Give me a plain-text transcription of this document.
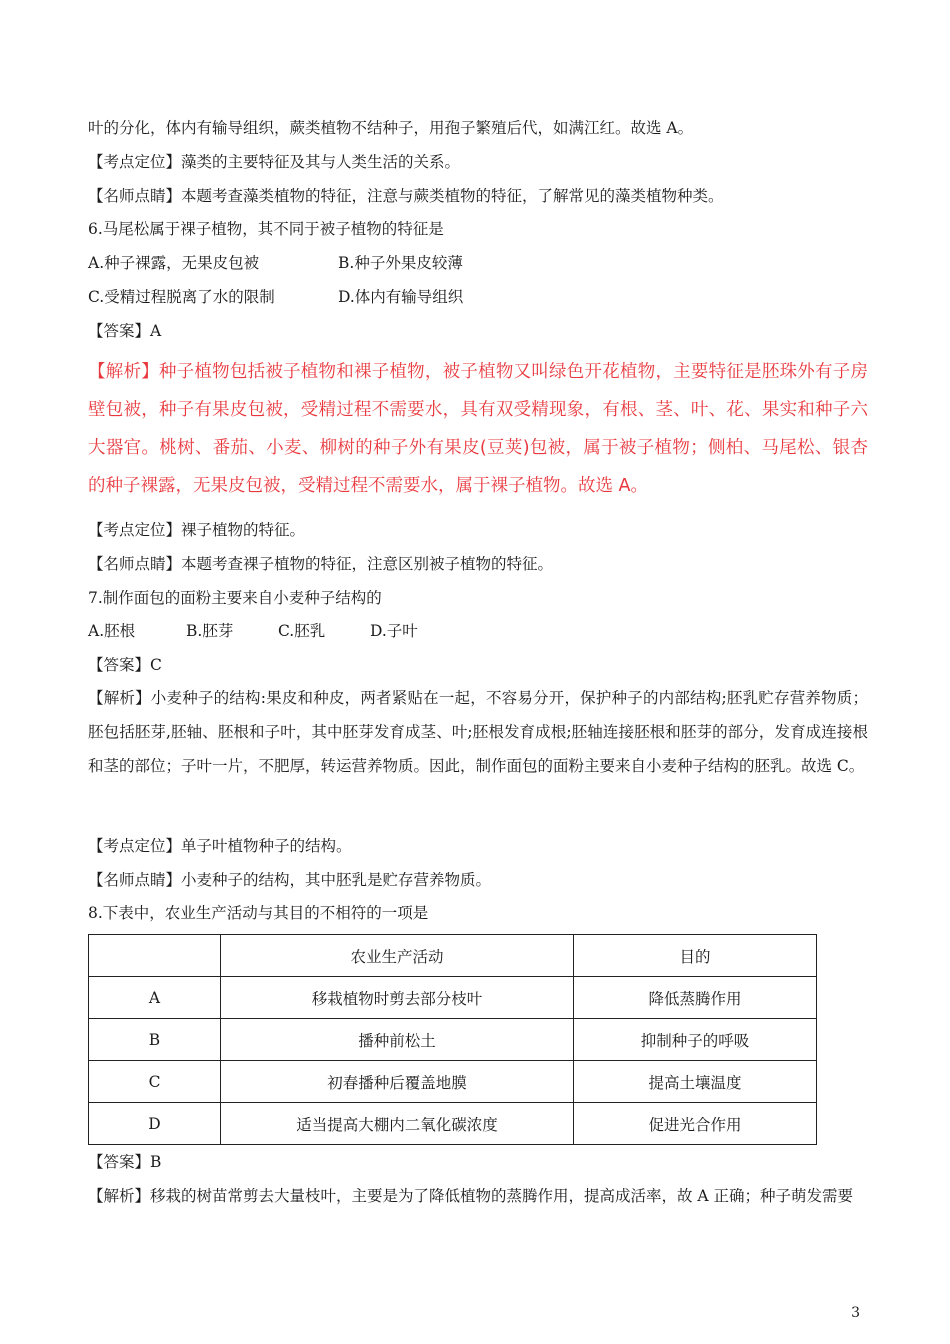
叶的分化，体内有输导组织，蕨类植物不结种子，用孢子繁殖后代，如满江红。故选 A。
【考点定位】藻类的主要特征及其与人类生活的关系。
【名师点睛】本题考查藻类植物的特征，注意与蕨类植物的特征，了解常见的藻类植物种类。
6.马尾松属于裸子植物，其不同于被子植物的特征是
A.种子裸露，无果皮包被	B.种子外果皮较薄
C.受精过程脱离了水的限制	D.体内有输导组织
【答案】A
【解析】种子植物包括被子植物和裸子植物，被子植物又叫绿色开花植物，主要特征是胚珠外有子房壁包被，种子有果皮包被，受精过程不需要水，具有双受精现象，有根、茎、叶、花、果实和种子六大器官。桃树、番茄、小麦、柳树的种子外有果皮(豆荚)包被，属于被子植物；侧柏、马尾松、银杏的种子裸露，无果皮包被，受精过程不需要水，属于裸子植物。故选 A。
【考点定位】裸子植物的特征。
【名师点睛】本题考查裸子植物的特征，注意区别被子植物的特征。
7.制作面包的面粉主要来自小麦种子结构的
A.胚根	B.胚芽	C.胚乳	D.子叶
【答案】C
【解析】小麦种子的结构:果皮和种皮，两者紧贴在一起，不容易分开，保护种子的内部结构;胚乳贮存营养物质；胚包括胚芽,胚轴、胚根和子叶，其中胚芽发育成茎、叶;胚根发育成根;胚轴连接胚根和胚芽的部分，发育成连接根和茎的部位；子叶一片，不肥厚，转运营养物质。因此，制作面包的面粉主要来自小麦种子结构的胚乳。故选 C。
【考点定位】单子叶植物种子的结构。
【名师点睛】小麦种子的结构，其中胚乳是贮存营养物质。
8.下表中，农业生产活动与其目的不相符的一项是
	农业生产活动	目的
A	移栽植物时剪去部分枝叶	降低蒸腾作用
B	播种前松土	抑制种子的呼吸
C	初春播种后覆盖地膜	提高土壤温度
D	适当提高大棚内二氧化碳浓度	促进光合作用
【答案】B
【解析】移栽的树苗常剪去大量枝叶，主要是为了降低植物的蒸腾作用，提高成活率，故 A 正确；种子萌发需要
3
